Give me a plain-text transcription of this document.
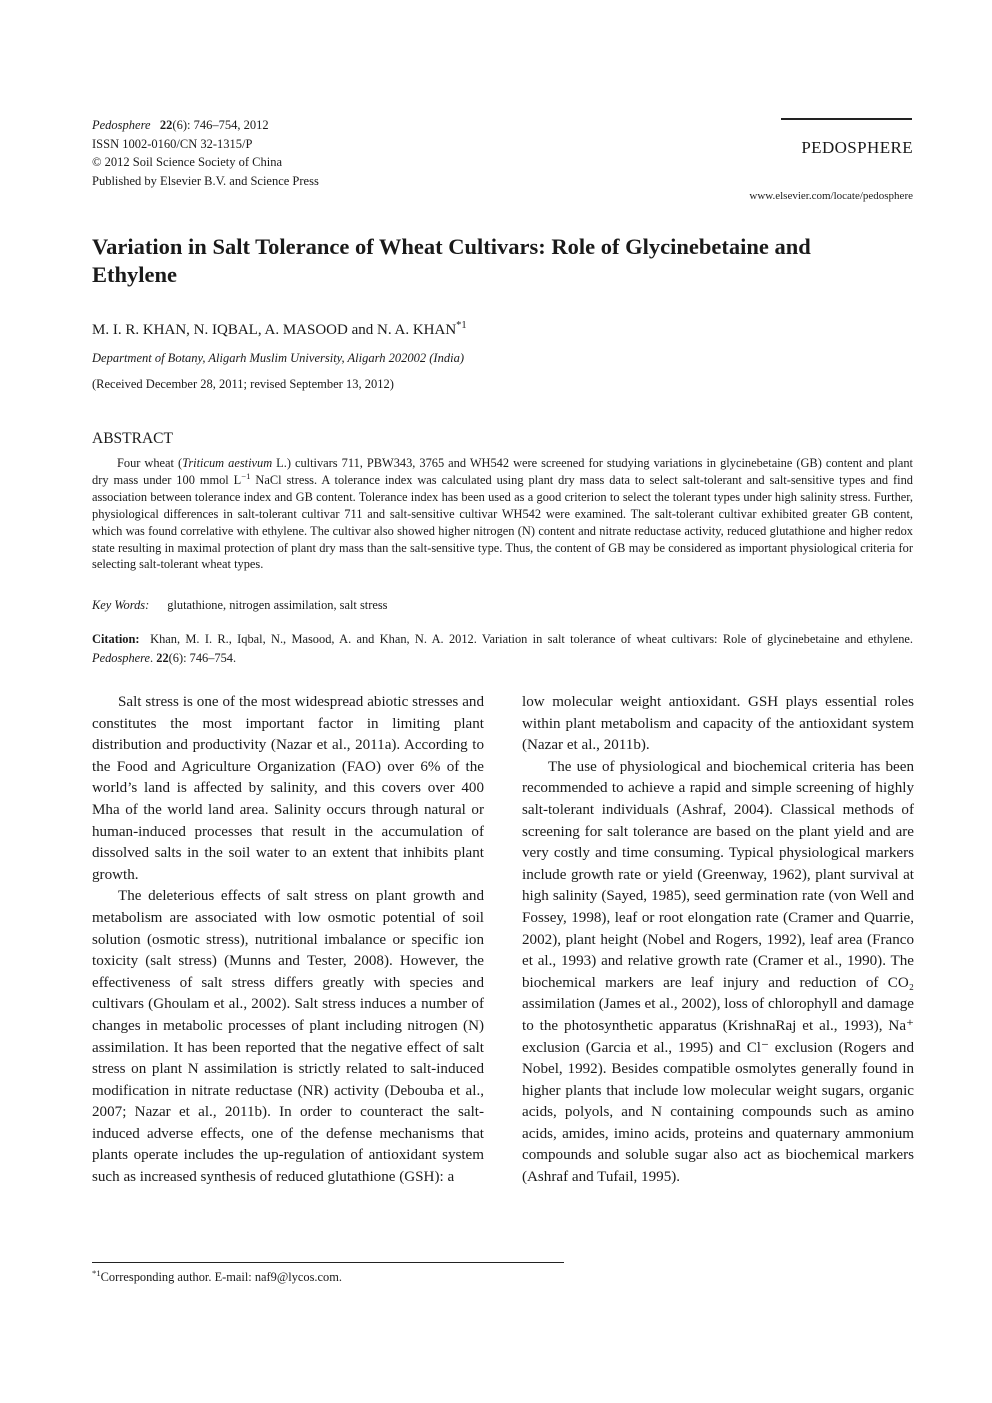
Pedosphere 22(6): 746–754, 2012
ISSN 1002-0160/CN 32-1315/P
© 2012 Soil Science Society of China
Published by Elsevier B.V. and Science Press
PEDOSPHERE
www.elsevier.com/locate/pedosphere
Variation in Salt Tolerance of Wheat Cultivars: Role of Glycinebetaine and Ethylene
M. I. R. KHAN, N. IQBAL, A. MASOOD and N. A. KHAN$^{*1}$
Department of Botany, Aligarh Muslim University, Aligarh 202002 (India)
(Received December 28, 2011; revised September 13, 2012)
ABSTRACT
Four wheat (Triticum aestivum L.) cultivars 711, PBW343, 3765 and WH542 were screened for studying variations in glycinebetaine (GB) content and plant dry mass under 100 mmol $L^{-1}$ NaCl stress. A tolerance index was calculated using plant dry mass data to select salt-tolerant and salt-sensitive types and find association between tolerance index and GB content. Tolerance index has been used as a good criterion to select the tolerant types under high salinity stress. Further, physiological differences in salt-tolerant cultivar 711 and salt-sensitive cultivar WH542 were examined. The salt-tolerant cultivar exhibited greater GB content, which was found correlative with ethylene. The cultivar also showed higher nitrogen (N) content and nitrate reductase activity, reduced glutathione and higher redox state resulting in maximal protection of plant dry mass than the salt-sensitive type. Thus, the content of GB may be considered as important physiological criteria for selecting salt-tolerant wheat types.
Key Words: glutathione, nitrogen assimilation, salt stress
Citation: Khan, M. I. R., Iqbal, N., Masood, A. and Khan, N. A. 2012. Variation in salt tolerance of wheat cultivars: Role of glycinebetaine and ethylene. Pedosphere. 22(6): 746–754.

Salt stress is one of the most widespread abiotic stresses and constitutes the most important factor in limiting plant distribution and productivity (Nazar et al., 2011a). According to the Food and Agriculture Organization (FAO) over 6% of the world’s land is affected by salinity, and this covers over 400 Mha of the world land area. Salinity occurs through natural or human-induced processes that result in the accumulation of dissolved salts in the soil water to an extent that inhibits plant growth.

The deleterious effects of salt stress on plant growth and metabolism are associated with low osmotic potential of soil solution (osmotic stress), nutritional imbalance or specific ion toxicity (salt stress) (Munns and Tester, 2008). However, the effectiveness of salt stress differs greatly with species and cultivars (Ghoulam et al., 2002). Salt stress induces a number of changes in metabolic processes of plant including nitrogen (N) assimilation. It has been reported that the negative effect of salt stress on plant N assimilation is strictly related to salt-induced modification in nitrate reductase (NR) activity (Debouba et al., 2007; Nazar et al., 2011b). In order to counteract the salt-induced adverse effects, one of the defense mechanisms that plants operate includes the up-regulation of antioxidant system such as increased synthesis of reduced glutathione (GSH): a

low molecular weight antioxidant. GSH plays essential roles within plant metabolism and capacity of the antioxidant system (Nazar et al., 2011b).

The use of physiological and biochemical criteria has been recommended to achieve a rapid and simple screening of highly salt-tolerant individuals (Ashraf, 2004). Classical methods of screening for salt tolerance are based on the plant yield and are very costly and time consuming. Typical physiological markers include growth rate or yield (Greenway, 1962), plant survival at high salinity (Sayed, 1985), seed germination rate (von Well and Fossey, 1998), leaf or root elongation rate (Cramer and Quarrie, 2002), plant height (Nobel and Rogers, 1992), leaf area (Franco et al., 1993) and relative growth rate (Cramer et al., 1990). The biochemical markers are leaf injury and reduction of CO₂ assimilation (James et al., 2002), loss of chlorophyll and damage to the photosynthetic apparatus (KrishnaRaj et al., 1993), Na⁺ exclusion (Garcia et al., 1995) and Cl⁻ exclusion (Rogers and Nobel, 1992). Besides compatible osmolytes generally found in higher plants that include low molecular weight sugars, organic acids, polyols, and N containing compounds such as amino acids, amides, imino acids, proteins and quaternary ammonium compounds and soluble sugar also act as biochemical markers (Ashraf and Tufail, 1995).

$^{*1}$Corresponding author. E-mail: naf9@lycos.com.
